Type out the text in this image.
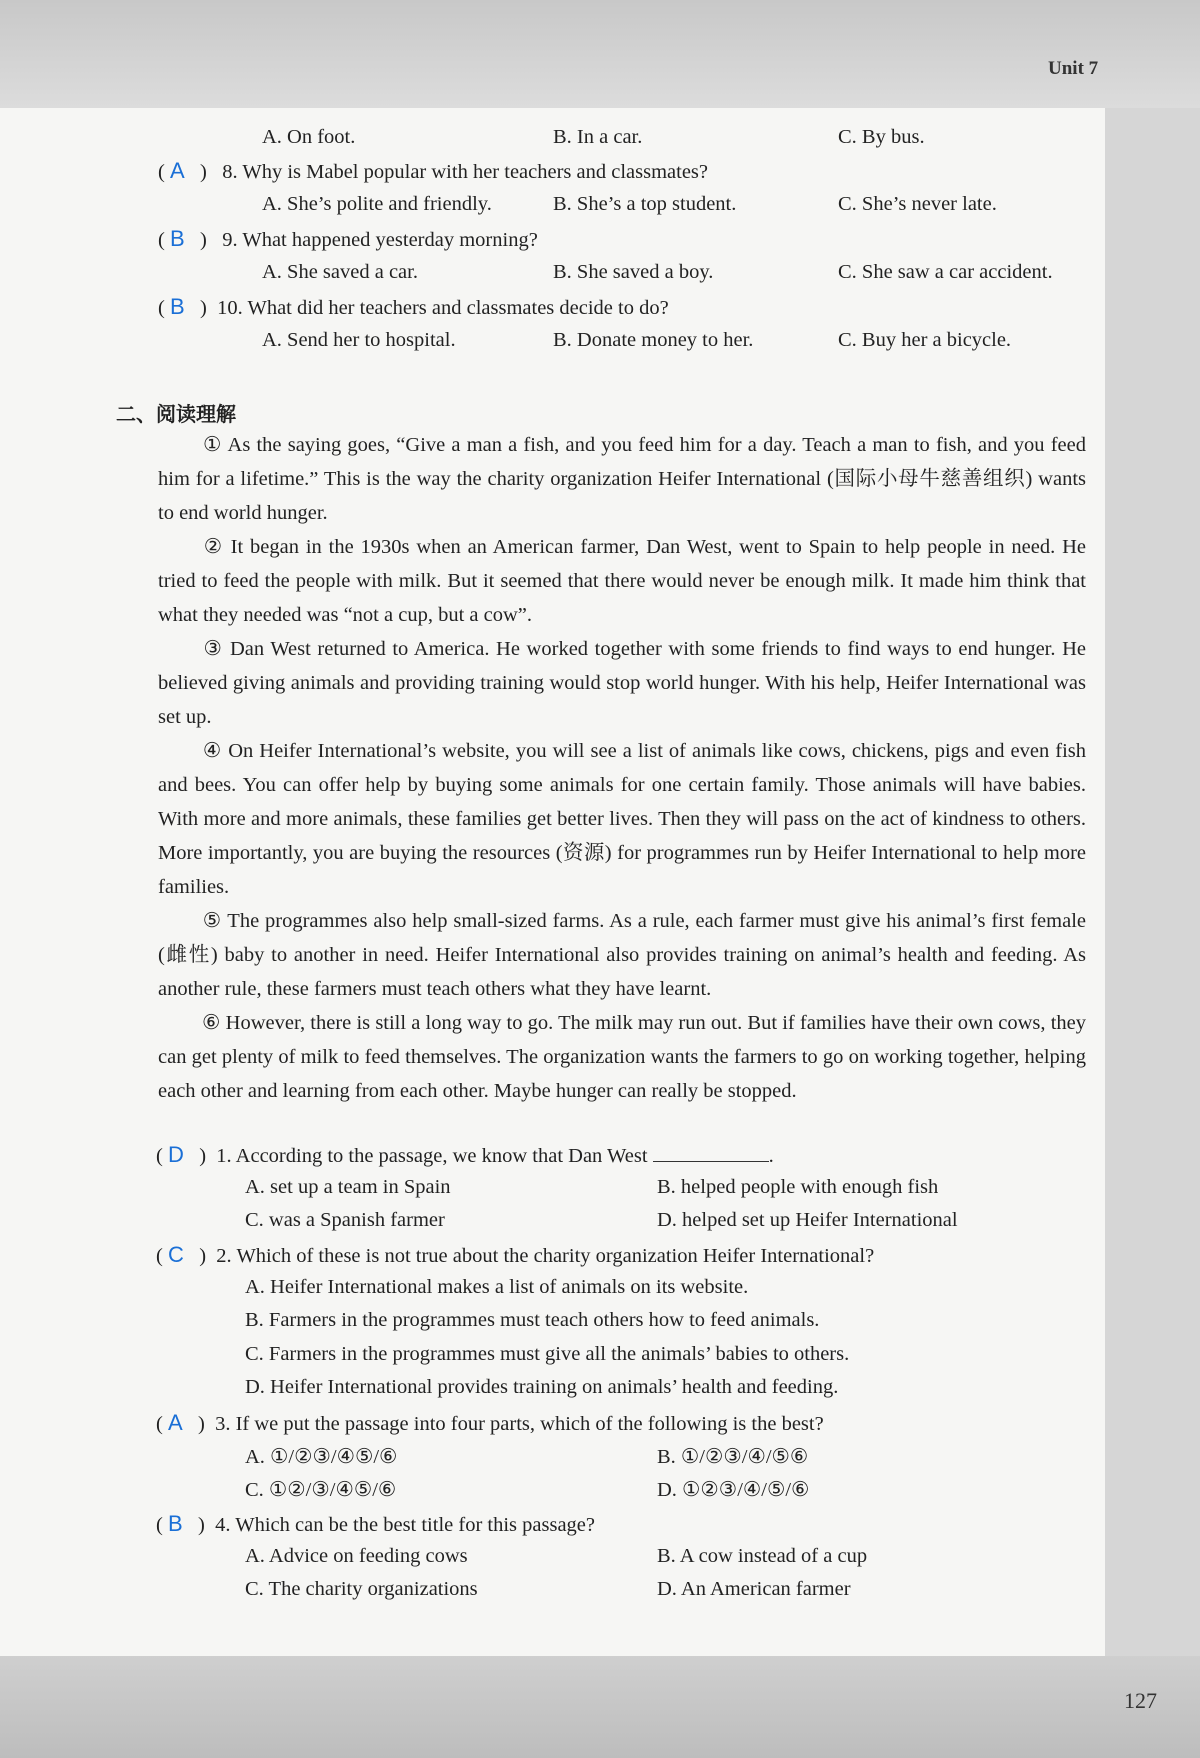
Unit 7
A. On foot.	B. In a car.	C. By bus.
( A   )   8. Why is Mabel popular with her teachers and classmates?
A. She’s polite and friendly.	B. She’s a top student.	C. She’s never late.
( B   )   9. What happened yesterday morning?
A. She saved a car.	B. She saved a boy.	C. She saw a car accident.
( B   )  10. What did her teachers and classmates decide to do?
A. Send her to hospital.	B. Donate money to her.	C. Buy her a bicycle.
二、阅读理解
① As the saying goes, “Give a man a fish, and you feed him for a day. Teach a man to fish, and you feed him for a lifetime.” This is the way the charity organization Heifer International (国际小母牛慈善组织) wants to end world hunger.
② It began in the 1930s when an American farmer, Dan West, went to Spain to help people in need. He tried to feed the people with milk. But it seemed that there would never be enough milk. It made him think that what they needed was “not a cup, but a cow”.
③ Dan West returned to America. He worked together with some friends to find ways to end hunger. He believed giving animals and providing training would stop world hunger. With his help, Heifer International was set up.
④ On Heifer International’s website, you will see a list of animals like cows, chickens, pigs and even fish and bees. You can offer help by buying some animals for one certain family. Those animals will have babies. With more and more animals, these families get better lives. Then they will pass on the act of kindness to others. More importantly, you are buying the resources (资源) for programmes run by Heifer International to help more families.
⑤ The programmes also help small-sized farms. As a rule, each farmer must give his animal’s first female (雌性) baby to another in need. Heifer International also provides training on animal’s health and feeding. As another rule, these farmers must teach others what they have learnt.
⑥ However, there is still a long way to go. The milk may run out. But if families have their own cows, they can get plenty of milk to feed themselves. The organization wants the farmers to go on working together, helping each other and learning from each other. Maybe hunger can really be stopped.
( D   )  1. According to the passage, we know that Dan West	.
A. set up a team in Spain	B. helped people with enough fish
C. was a Spanish farmer	D. helped set up Heifer International
( C   )  2. Which of these is not true about the charity organization Heifer International?
A. Heifer International makes a list of animals on its website.
B. Farmers in the programmes must teach others how to feed animals.
C. Farmers in the programmes must give all the animals’ babies to others.
D. Heifer International provides training on animals’ health and feeding.
( A   )  3. If we put the passage into four parts, which of the following is the best?
A. ①/②③/④⑤/⑥	B. ①/②③/④/⑤⑥
C. ①②/③/④⑤/⑥	D. ①②③/④/⑤/⑥
( B   )  4. Which can be the best title for this passage?
A. Advice on feeding cows	B. A cow instead of a cup
C. The charity organizations	D. An American farmer
127
